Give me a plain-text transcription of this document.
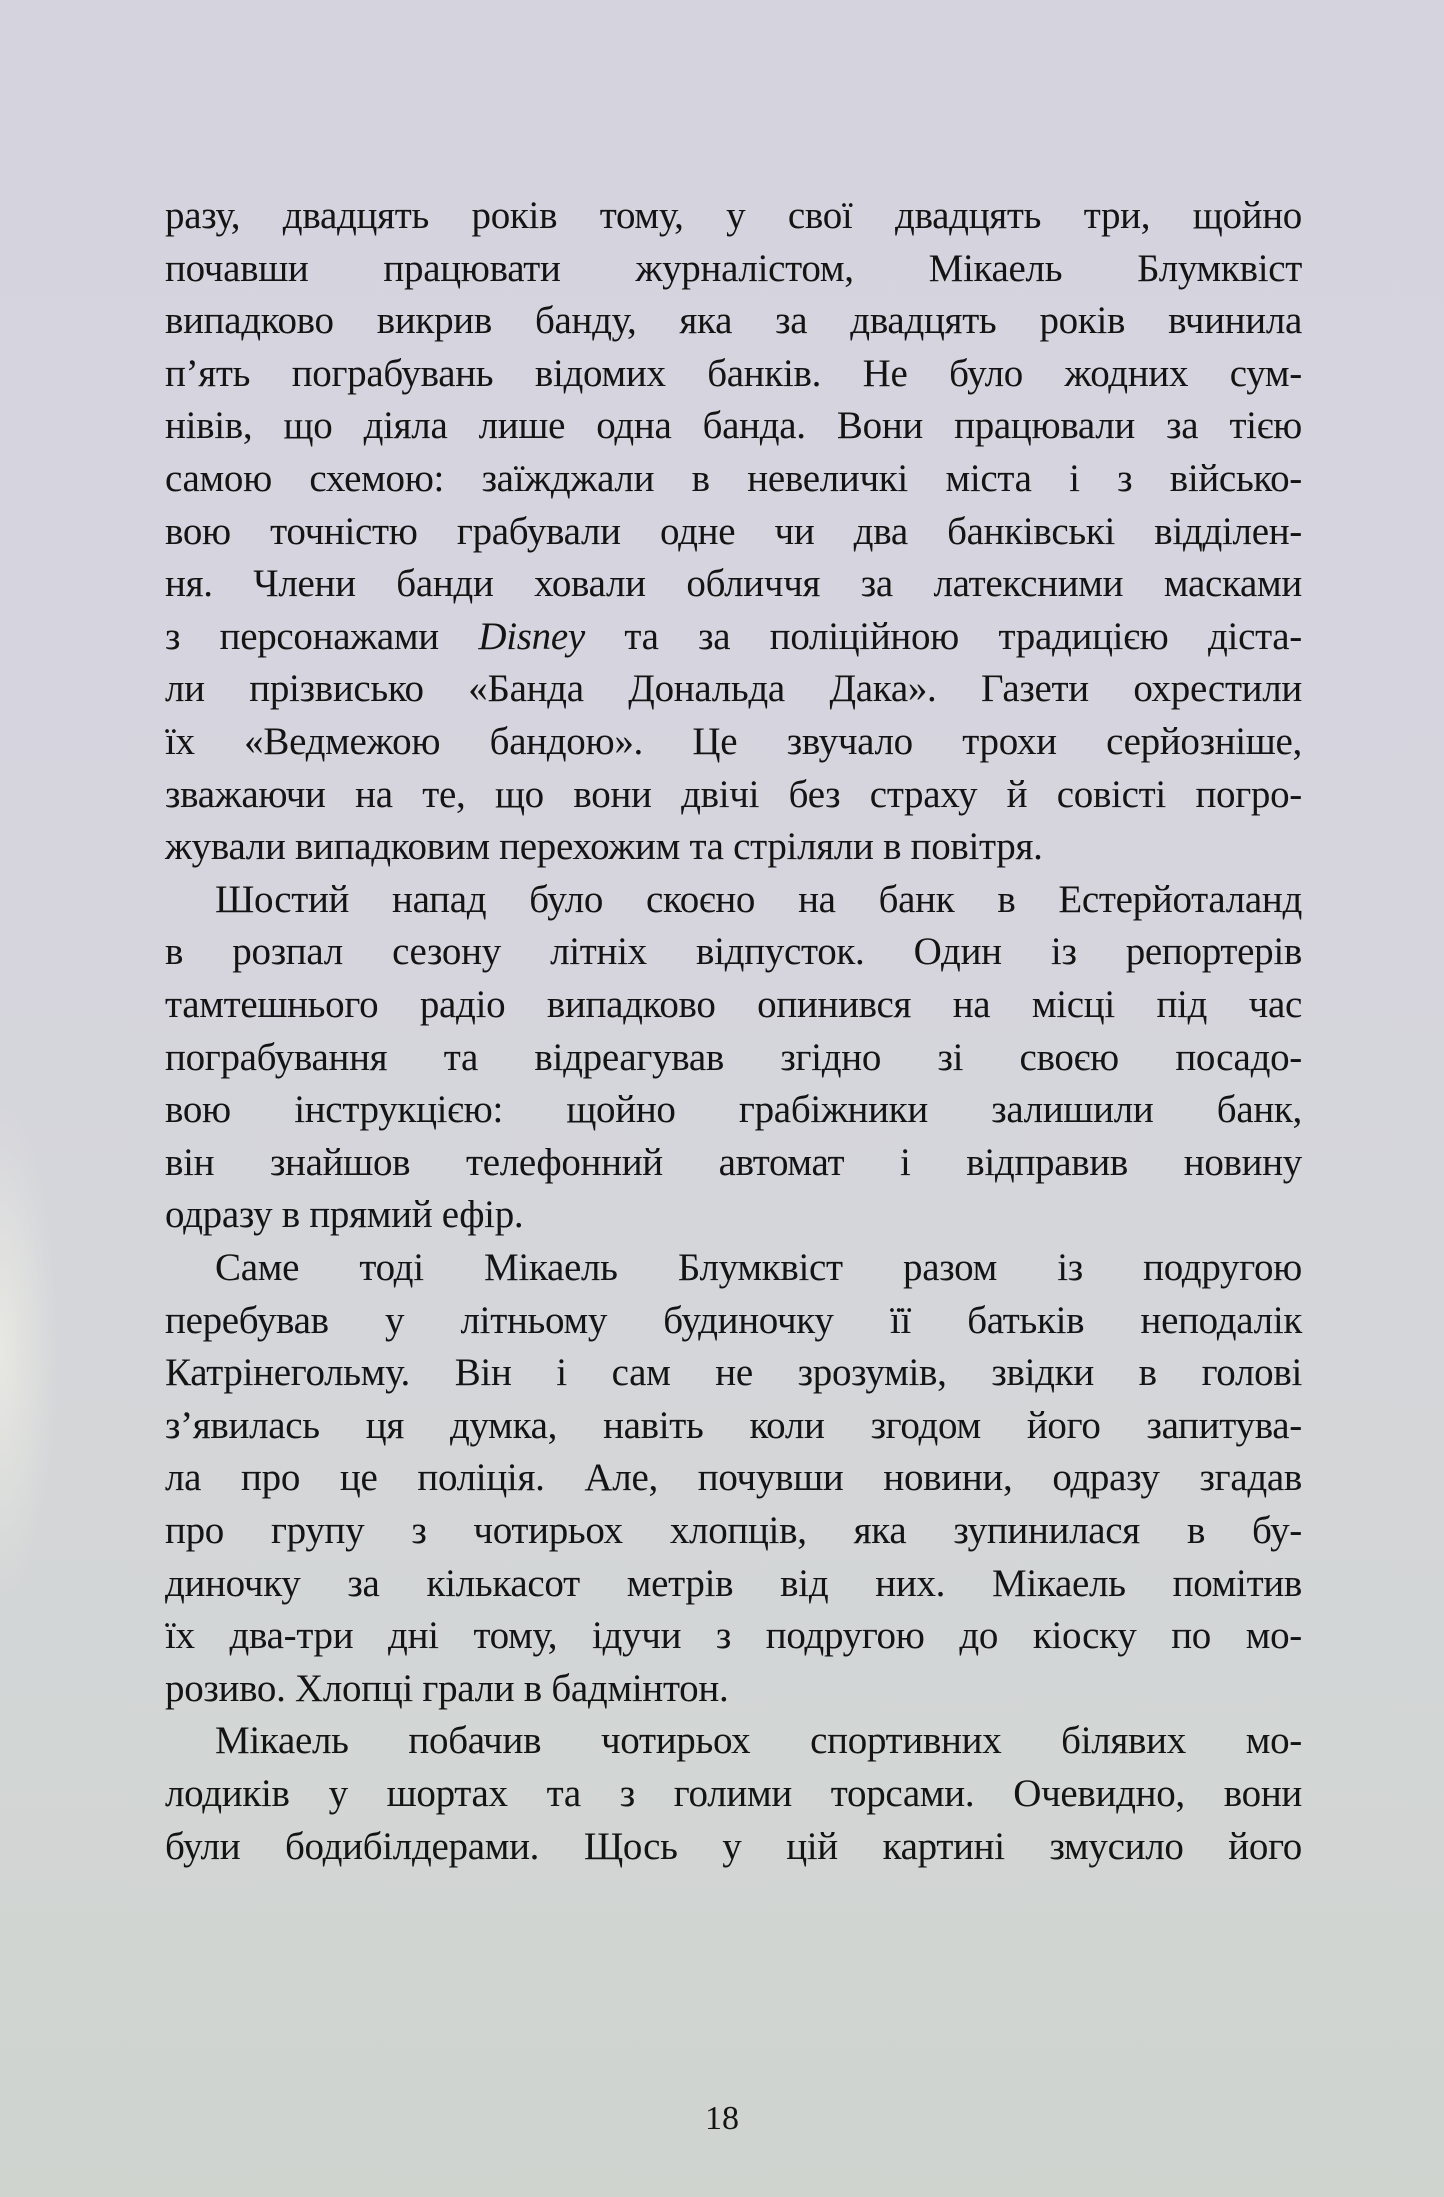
разу, двадцять років тому, у свої двадцять три, щойно
почавши працювати журналістом, Мікаель Блумквіст
випадково викрив банду, яка за двадцять років вчинила
п’ять пограбувань відомих банків. Не було жодних сум-
нівів, що діяла лише одна банда. Вони працювали за тією
самою схемою: заїжджали в невеличкі міста і з військо-
вою точністю грабували одне чи два банківські відділен-
ня. Члени банди ховали обличчя за латексними масками
з персонажами Disney та за поліційною традицією діста-
ли прізвисько «Банда Дональда Дака». Газети охрестили
їх «Ведмежою бандою». Це звучало трохи серйозніше,
зважаючи на те, що вони двічі без страху й совісті погро-
жували випадковим перехожим та стріляли в повітря.
Шостий напад було скоєно на банк в Естерйоталанд
в розпал сезону літніх відпусток. Один із репортерів
тамтешнього радіо випадково опинився на місці під час
пограбування та відреагував згідно зі своєю посадо-
вою інструкцією: щойно грабіжники залишили банк,
він знайшов телефонний автомат і відправив новину
одразу в прямий ефір.
Саме тоді Мікаель Блумквіст разом із подругою
перебував у літньому будиночку її батьків неподалік
Катрінегольму. Він і сам не зрозумів, звідки в голові
з’явилась ця думка, навіть коли згодом його запитува-
ла про це поліція. Але, почувши новини, одразу згадав
про групу з чотирьох хлопців, яка зупинилася в бу-
диночку за кількасот метрів від них. Мікаель помітив
їх два-три дні тому, ідучи з подругою до кіоску по мо-
розиво. Хлопці грали в бадмінтон.
Мікаель побачив чотирьох спортивних білявих мо-
лодиків у шортах та з голими торсами. Очевидно, вони
були бодибілдерами. Щось у цій картині змусило його
18
